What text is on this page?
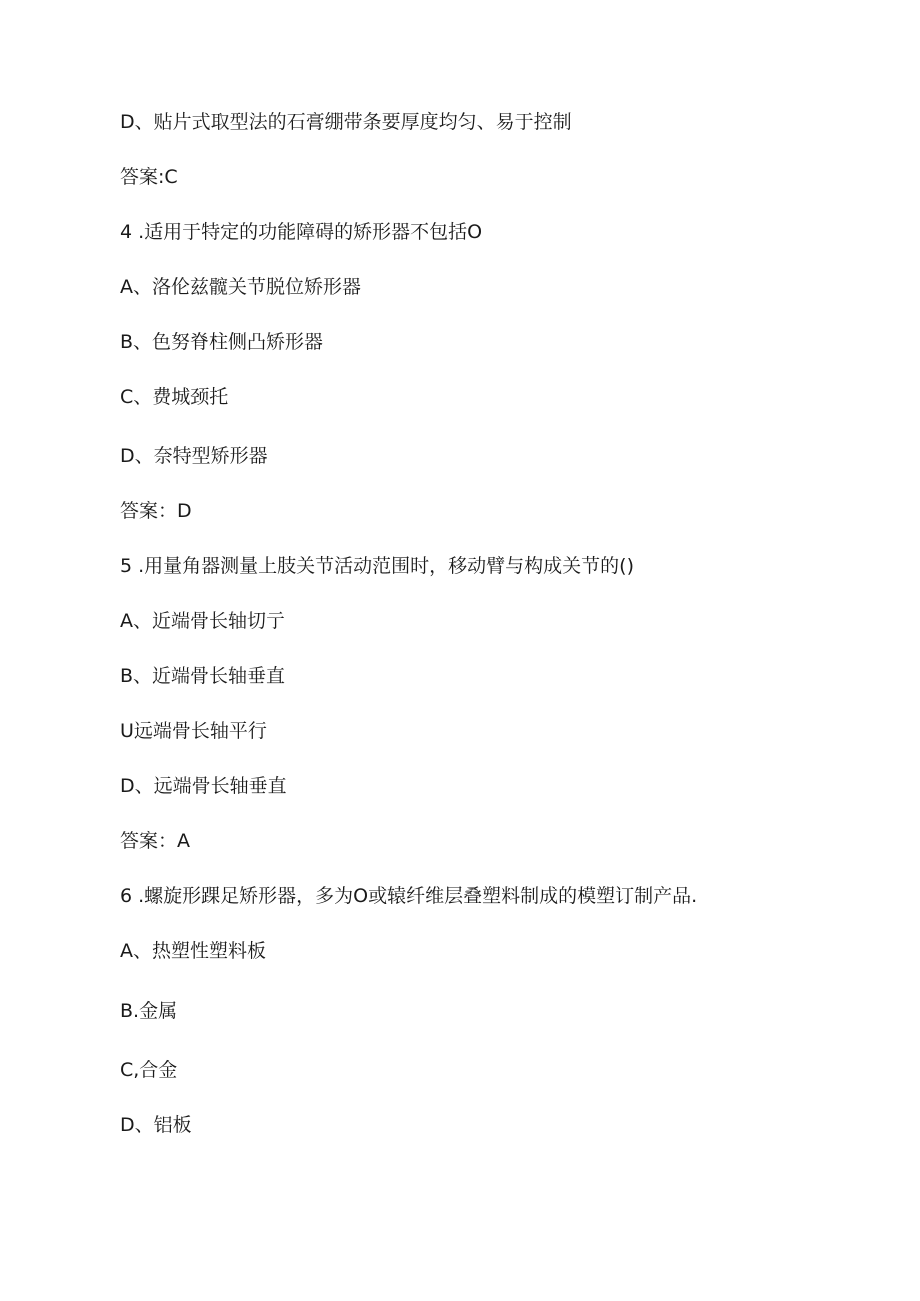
D、贴片式取型法的石膏绷带条要厚度均匀、易于控制
答案:C
4 .适用于特定的功能障碍的矫形器不包括O
A、洛伦兹髋关节脱位矫形器
B、色努脊柱侧凸矫形器
C、费城颈托
D、奈特型矫形器
答案：D
5 .用量角器测量上肢关节活动范围时，移动臂与构成关节的()
A、近端骨长轴切亍
B、近端骨长轴垂直
U远端骨长轴平行
D、远端骨长轴垂直
答案：A
6 .螺旋形踝足矫形器，多为O或辕纤维层叠塑料制成的模塑订制产品.
A、热塑性塑料板
B.金属
C,合金
D、铝板
